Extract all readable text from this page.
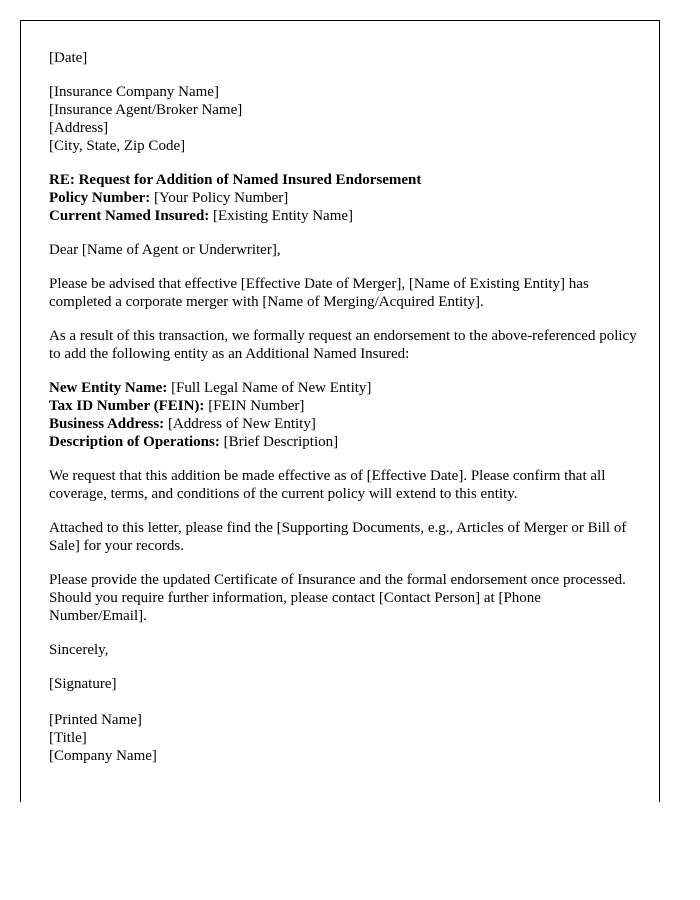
[Date]
[Insurance Company Name]
[Insurance Agent/Broker Name]
[Address]
[City, State, Zip Code]
RE: Request for Addition of Named Insured Endorsement
Policy Number: [Your Policy Number]
Current Named Insured: [Existing Entity Name]
Dear [Name of Agent or Underwriter],
Please be advised that effective [Effective Date of Merger], [Name of Existing Entity] has completed a corporate merger with [Name of Merging/Acquired Entity].
As a result of this transaction, we formally request an endorsement to the above-referenced policy to add the following entity as an Additional Named Insured:
New Entity Name: [Full Legal Name of New Entity]
Tax ID Number (FEIN): [FEIN Number]
Business Address: [Address of New Entity]
Description of Operations: [Brief Description]
We request that this addition be made effective as of [Effective Date]. Please confirm that all coverage, terms, and conditions of the current policy will extend to this entity.
Attached to this letter, please find the [Supporting Documents, e.g., Articles of Merger or Bill of Sale] for your records.
Please provide the updated Certificate of Insurance and the formal endorsement once processed. Should you require further information, please contact [Contact Person] at [Phone Number/Email].
Sincerely,
[Signature]
[Printed Name]
[Title]
[Company Name]
